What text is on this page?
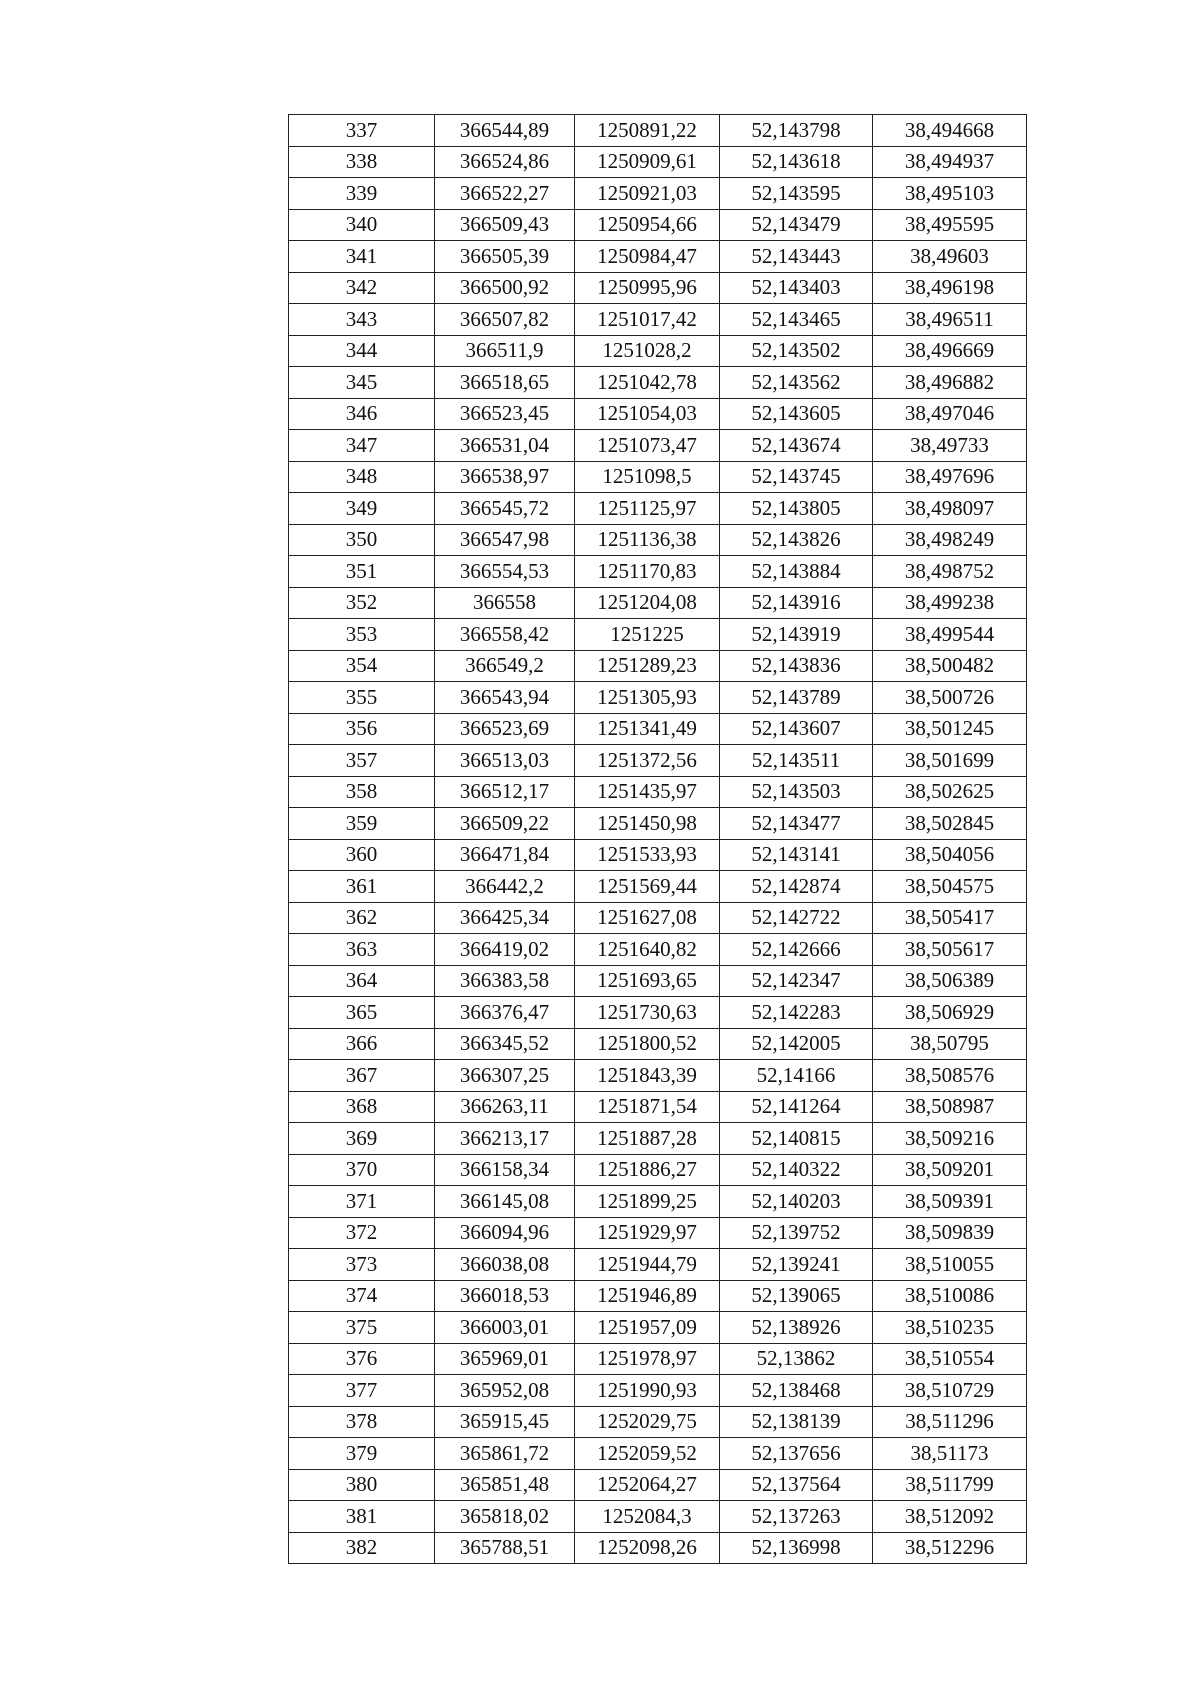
337	366544,89	1250891,22	52,143798	38,494668
338	366524,86	1250909,61	52,143618	38,494937
339	366522,27	1250921,03	52,143595	38,495103
340	366509,43	1250954,66	52,143479	38,495595
341	366505,39	1250984,47	52,143443	38,49603
342	366500,92	1250995,96	52,143403	38,496198
343	366507,82	1251017,42	52,143465	38,496511
344	366511,9	1251028,2	52,143502	38,496669
345	366518,65	1251042,78	52,143562	38,496882
346	366523,45	1251054,03	52,143605	38,497046
347	366531,04	1251073,47	52,143674	38,49733
348	366538,97	1251098,5	52,143745	38,497696
349	366545,72	1251125,97	52,143805	38,498097
350	366547,98	1251136,38	52,143826	38,498249
351	366554,53	1251170,83	52,143884	38,498752
352	366558	1251204,08	52,143916	38,499238
353	366558,42	1251225	52,143919	38,499544
354	366549,2	1251289,23	52,143836	38,500482
355	366543,94	1251305,93	52,143789	38,500726
356	366523,69	1251341,49	52,143607	38,501245
357	366513,03	1251372,56	52,143511	38,501699
358	366512,17	1251435,97	52,143503	38,502625
359	366509,22	1251450,98	52,143477	38,502845
360	366471,84	1251533,93	52,143141	38,504056
361	366442,2	1251569,44	52,142874	38,504575
362	366425,34	1251627,08	52,142722	38,505417
363	366419,02	1251640,82	52,142666	38,505617
364	366383,58	1251693,65	52,142347	38,506389
365	366376,47	1251730,63	52,142283	38,506929
366	366345,52	1251800,52	52,142005	38,50795
367	366307,25	1251843,39	52,14166	38,508576
368	366263,11	1251871,54	52,141264	38,508987
369	366213,17	1251887,28	52,140815	38,509216
370	366158,34	1251886,27	52,140322	38,509201
371	366145,08	1251899,25	52,140203	38,509391
372	366094,96	1251929,97	52,139752	38,509839
373	366038,08	1251944,79	52,139241	38,510055
374	366018,53	1251946,89	52,139065	38,510086
375	366003,01	1251957,09	52,138926	38,510235
376	365969,01	1251978,97	52,13862	38,510554
377	365952,08	1251990,93	52,138468	38,510729
378	365915,45	1252029,75	52,138139	38,511296
379	365861,72	1252059,52	52,137656	38,51173
380	365851,48	1252064,27	52,137564	38,511799
381	365818,02	1252084,3	52,137263	38,512092
382	365788,51	1252098,26	52,136998	38,512296
